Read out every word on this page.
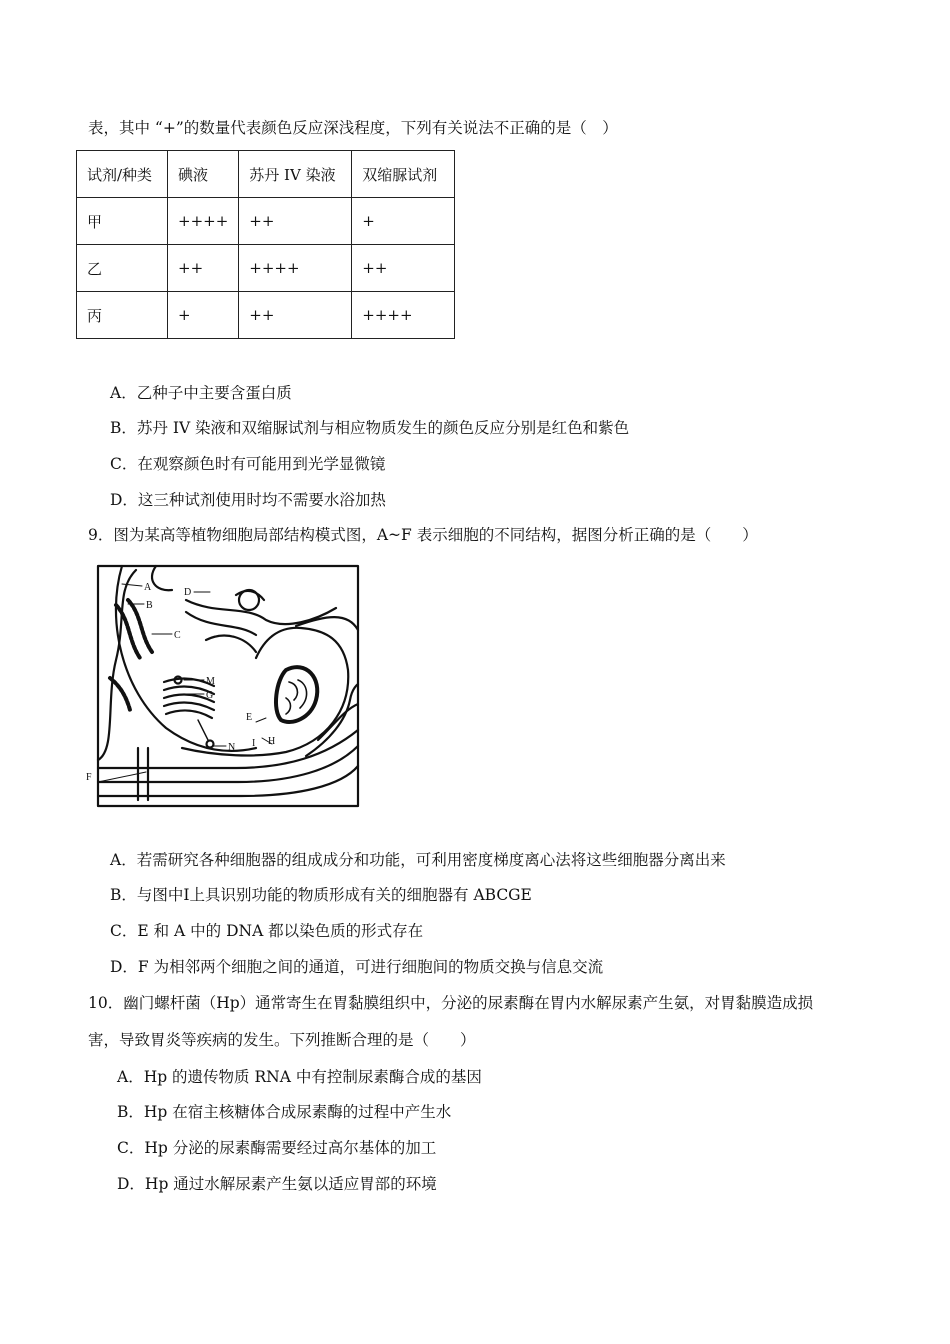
表，其中 “+”的数量代表颜色反应深浅程度，下列有关说法不正确的是（　）
试剂/种类	碘液	苏丹 IV 染液	双缩脲试剂
甲	++++	++	+
乙	++	++++	++
丙	+	++	++++
A．乙种子中主要含蛋白质
B．苏丹 IV 染液和双缩脲试剂与相应物质发生的颜色反应分别是红色和紫色
C．在观察颜色时有可能用到光学显微镜
D．这三种试剂使用时均不需要水浴加热
9．图为某高等植物细胞局部结构模式图，A~F 表示细胞的不同结构，据图分析正确的是（　　）
A
B
C
D
E
F
G
H
I
M
N
A．若需研究各种细胞器的组成成分和功能，可利用密度梯度离心法将这些细胞器分离出来
B．与图中Ⅰ上具识别功能的物质形成有关的细胞器有 ABCGE
C．E 和 A 中的 DNA 都以染色质的形式存在
D．F 为相邻两个细胞之间的通道，可进行细胞间的物质交换与信息交流
10．幽门螺杆菌（Hp）通常寄生在胃黏膜组织中，分泌的尿素酶在胃内水解尿素产生氨，对胃黏膜造成损
害，导致胃炎等疾病的发生。下列推断合理的是（　　）
A．Hp 的遗传物质 RNA 中有控制尿素酶合成的基因
B．Hp 在宿主核糖体合成尿素酶的过程中产生水
C．Hp 分泌的尿素酶需要经过高尔基体的加工
D．Hp 通过水解尿素产生氨以适应胃部的环境
